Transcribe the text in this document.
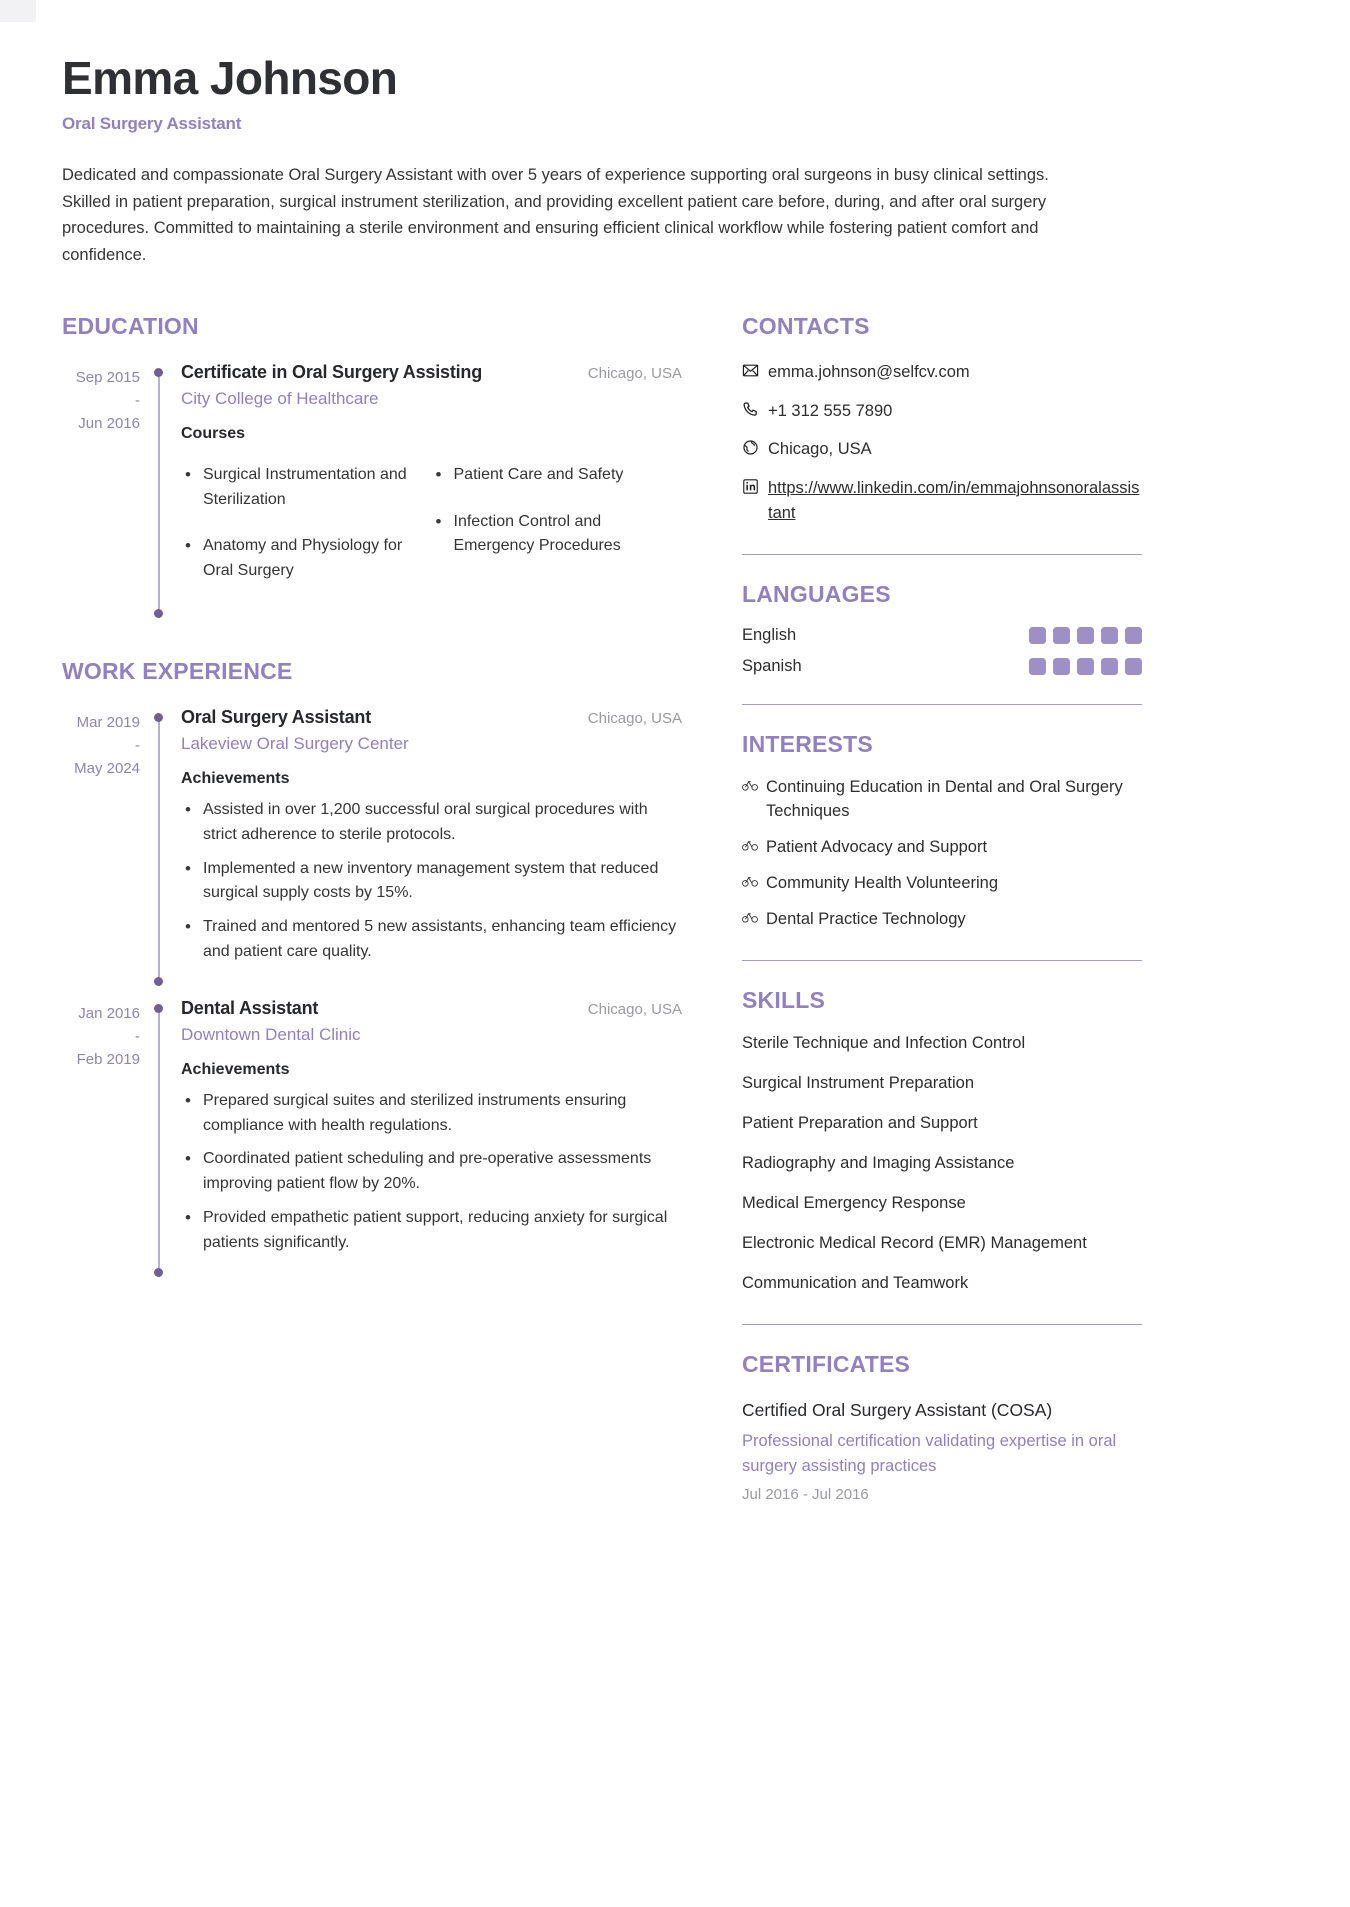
Emma Johnson
Oral Surgery Assistant
Dedicated and compassionate Oral Surgery Assistant with over 5 years of experience supporting oral surgeons in busy clinical settings. Skilled in patient preparation, surgical instrument sterilization, and providing excellent patient care before, during, and after oral surgery procedures. Committed to maintaining a sterile environment and ensuring efficient clinical workflow while fostering patient comfort and confidence.
EDUCATION
Sep 2015
-
Jun 2016
Certificate in Oral Surgery Assisting	Chicago, USA
City College of Healthcare
Courses
• Surgical Instrumentation and Sterilization
• Anatomy and Physiology for Oral Surgery
• Patient Care and Safety
• Infection Control and Emergency Procedures
WORK EXPERIENCE
Mar 2019
-
May 2024
Oral Surgery Assistant	Chicago, USA
Lakeview Oral Surgery Center
Achievements
• Assisted in over 1,200 successful oral surgical procedures with strict adherence to sterile protocols.
• Implemented a new inventory management system that reduced surgical supply costs by 15%.
• Trained and mentored 5 new assistants, enhancing team efficiency and patient care quality.
Jan 2016
-
Feb 2019
Dental Assistant	Chicago, USA
Downtown Dental Clinic
Achievements
• Prepared surgical suites and sterilized instruments ensuring compliance with health regulations.
• Coordinated patient scheduling and pre-operative assessments improving patient flow by 20%.
• Provided empathetic patient support, reducing anxiety for surgical patients significantly.
CONTACTS
emma.johnson@selfcv.com
+1 312 555 7890
Chicago, USA
https://www.linkedin.com/in/emmajohnsonoralassistant
LANGUAGES
English
Spanish
INTERESTS
Continuing Education in Dental and Oral Surgery Techniques
Patient Advocacy and Support
Community Health Volunteering
Dental Practice Technology
SKILLS
Sterile Technique and Infection Control
Surgical Instrument Preparation
Patient Preparation and Support
Radiography and Imaging Assistance
Medical Emergency Response
Electronic Medical Record (EMR) Management
Communication and Teamwork
CERTIFICATES
Certified Oral Surgery Assistant (COSA)
Professional certification validating expertise in oral surgery assisting practices
Jul 2016 - Jul 2016
